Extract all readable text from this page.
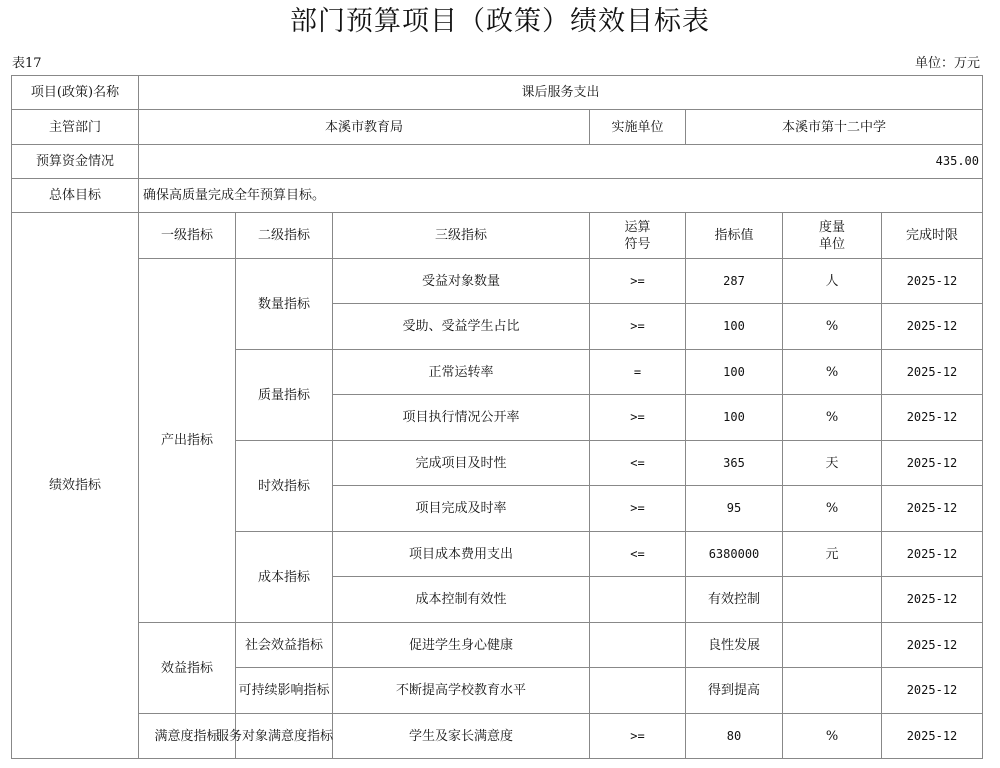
部门预算项目（政策）绩效目标表
表17	单位：万元
项目(政策)名称	课后服务支出						
主管部门	本溪市教育局			实施单位	本溪市第十二中学		
预算资金情况	435.00						
总体目标	确保高质量完成全年预算目标。						
绩效指标	一级指标	二级指标	三级指标	运算符号	指标值	度量单位	完成时限
	产出指标	数量指标	受益对象数量	>=	287	人	2025-12
			受助、受益学生占比	>=	100	%	2025-12
		质量指标	正常运转率	=	100	%	2025-12
			项目执行情况公开率	>=	100	%	2025-12
		时效指标	完成项目及时性	<=	365	天	2025-12
			项目完成及时率	>=	95	%	2025-12
		成本指标	项目成本费用支出	<=	6380000	元	2025-12
			成本控制有效性		有效控制		2025-12
	效益指标	社会效益指标	促进学生身心健康		良性发展		2025-12
		可持续影响指标	不断提高学校教育水平		得到提高		2025-12
	满意度指标	服务对象满意度指标	学生及家长满意度	>=	80	%	2025-12
